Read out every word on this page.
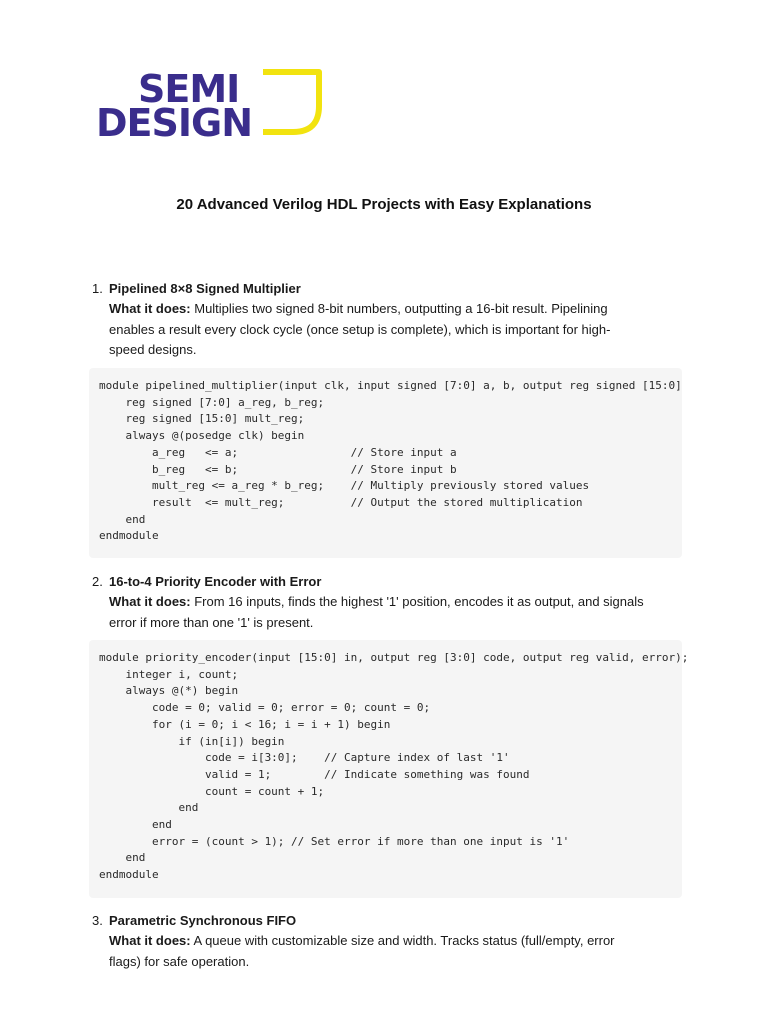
SEMI
DESIGN
20 Advanced Verilog HDL Projects with Easy Explanations
1. Pipelined 8×8 Signed Multiplier
What it does: Multiplies two signed 8-bit numbers, outputting a 16-bit result. Pipelining
enables a result every clock cycle (once setup is complete), which is important for high-
speed designs.
module pipelined_multiplier(input clk, input signed [7:0] a, b, output reg signed [15:0]
reg signed [7:0] a_reg, b_reg;
reg signed [15:0] mult_reg;
always @(posedge clk) begin
a_reg   <= a;                 // Store input a
b_reg   <= b;                 // Store input b
mult_reg <= a_reg * b_reg;    // Multiply previously stored values
result  <= mult_reg;          // Output the stored multiplication
end
endmodule
2. 16-to-4 Priority Encoder with Error
What it does: From 16 inputs, finds the highest '1' position, encodes it as output, and signals
error if more than one '1' is present.
module priority_encoder(input [15:0] in, output reg [3:0] code, output reg valid, error);
integer i, count;
always @(*) begin
code = 0; valid = 0; error = 0; count = 0;
for (i = 0; i < 16; i = i + 1) begin
if (in[i]) begin
code = i[3:0];    // Capture index of last '1'
valid = 1;        // Indicate something was found
count = count + 1;
end
end
error = (count > 1); // Set error if more than one input is '1'
end
endmodule
3. Parametric Synchronous FIFO
What it does: A queue with customizable size and width. Tracks status (full/empty, error
flags) for safe operation.
